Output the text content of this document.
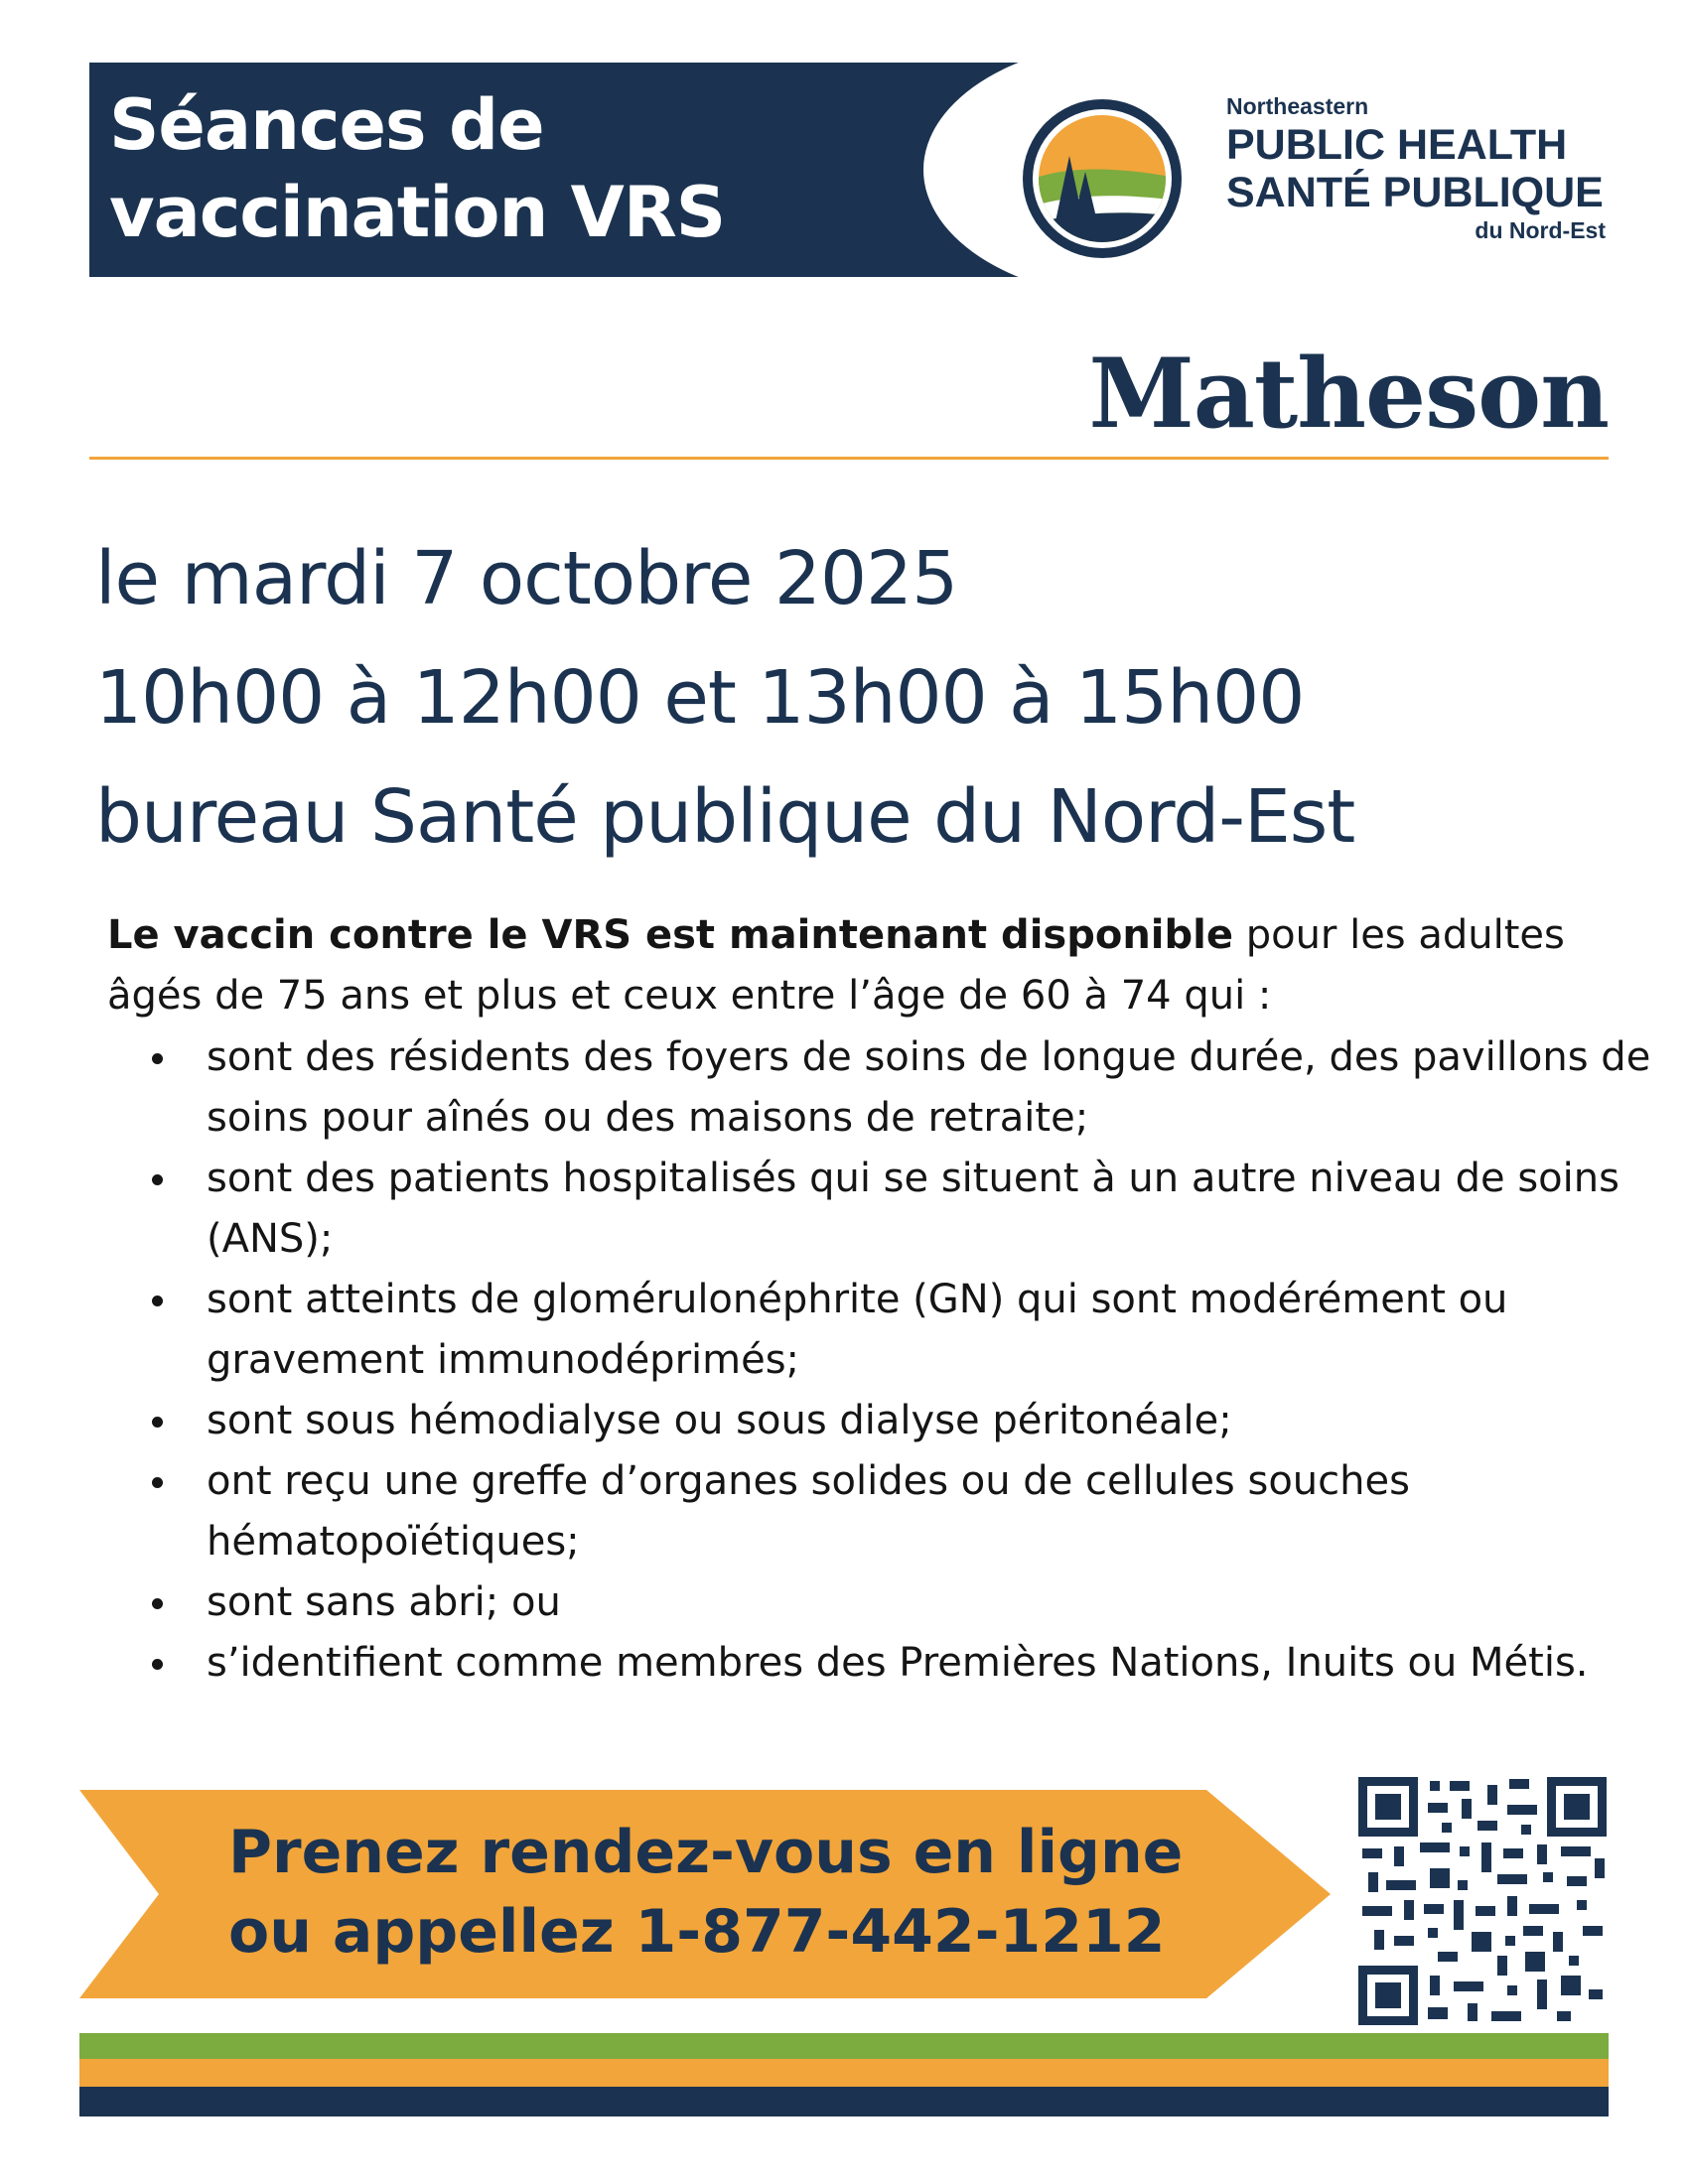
Séances de
vaccination VRS
Northeastern
PUBLIC HEALTH
SANTÉ PUBLIQUE
du Nord-Est
Matheson
le mardi 7 octobre 2025
10h00 à 12h00 et 13h00 à 15h00
bureau Santé publique du Nord-Est
Le vaccin contre le VRS est maintenant disponible pour les adultes âgés de 75 ans et plus et ceux entre l’âge de 60 à 74 qui :
sont des résidents des foyers de soins de longue durée, des pavillons de soins pour aînés ou des maisons de retraite;
sont des patients hospitalisés qui se situent à un autre niveau de soins (ANS);
sont atteints de glomérulonéphrite (GN) qui sont modérément ou gravement immunodéprimés;
sont sous hémodialyse ou sous dialyse péritonéale;
ont reçu une greffe d’organes solides ou de cellules souches hématopoïétiques;
sont sans abri; ou
s’identifient comme membres des Premières Nations, Inuits ou Métis.
Prenez rendez-vous en ligne
ou appellez 1-877-442-1212
